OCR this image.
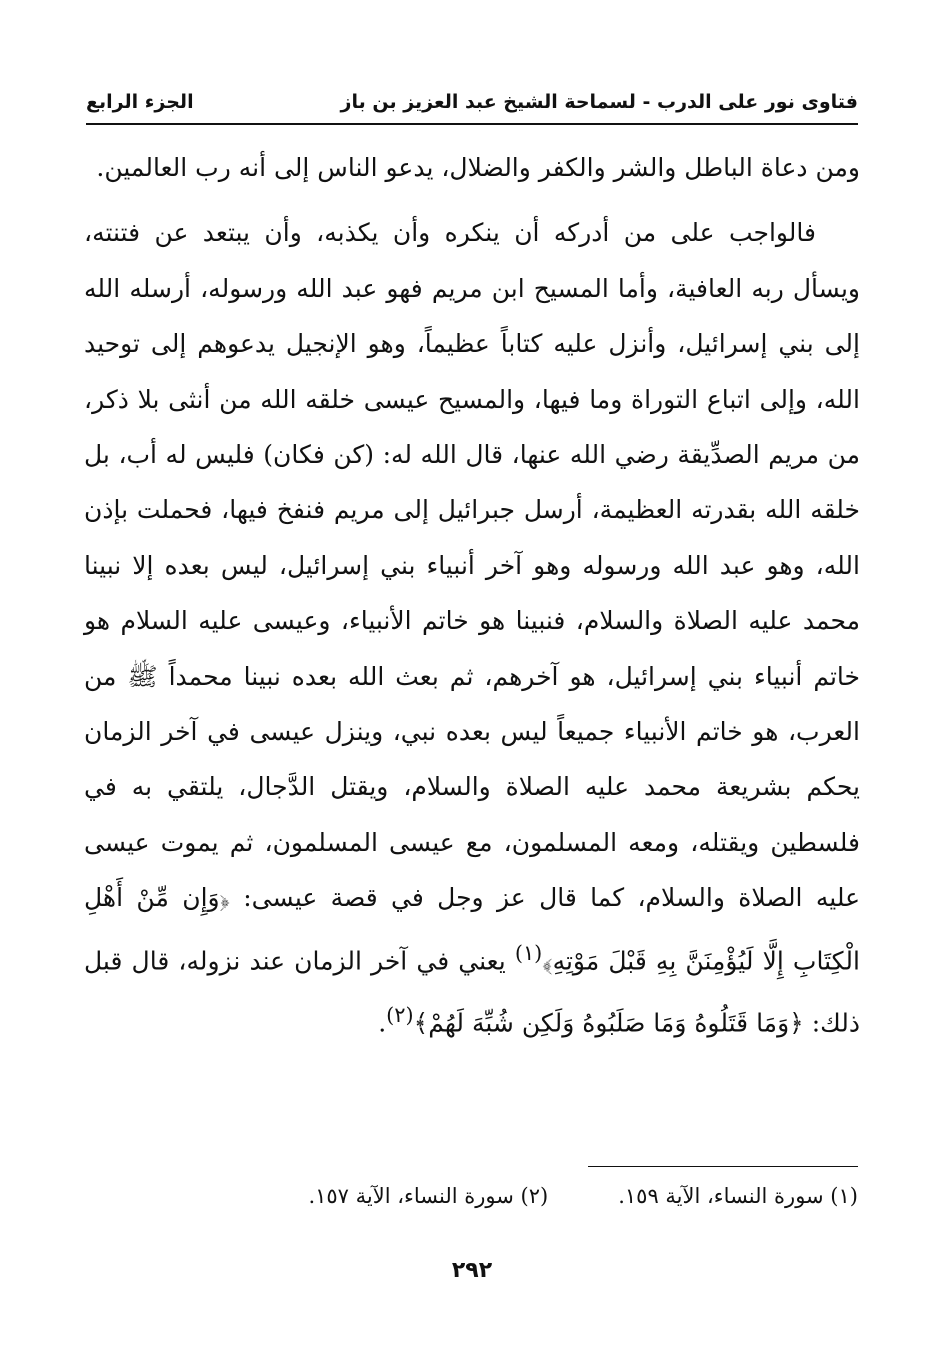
فتاوى نور على الدرب - لسماحة الشيخ عبد العزيز بن باز
الجزء الرابع

ومن دعاة الباطل والشر والكفر والضلال، يدعو الناس إلى أنه رب العالمين.

فالواجب على من أدركه أن ينكره وأن يكذبه، وأن يبتعد عن فتنته، ويسأل ربه العافية، وأما المسيح ابن مريم فهو عبد الله ورسوله، أرسله الله إلى بني إسرائيل، وأنزل عليه كتاباً عظيماً، وهو الإنجيل يدعوهم إلى توحيد الله، وإلى اتباع التوراة وما فيها، والمسيح عيسى خلقه الله من أنثى بلا ذكر، من مريم الصدِّيقة رضي الله عنها، قال الله له: (كن فكان) فليس له أب، بل خلقه الله بقدرته العظيمة، أرسل جبرائيل إلى مريم فنفخ فيها، فحملت بإذن الله، وهو عبد الله ورسوله وهو آخر أنبياء بني إسرائيل، ليس بعده إلا نبينا محمد عليه الصلاة والسلام، فنبينا هو خاتم الأنبياء، وعيسى عليه السلام هو خاتم أنبياء بني إسرائيل، هو آخرهم، ثم بعث الله بعده نبينا محمداً ﷺ من العرب، هو خاتم الأنبياء جميعاً ليس بعده نبي، وينزل عيسى في آخر الزمان يحكم بشريعة محمد عليه الصلاة والسلام، ويقتل الدَّجال، يلتقي به في فلسطين ويقتله، ومعه المسلمون، مع عيسى المسلمون، ثم يموت عيسى عليه الصلاة والسلام، كما قال عز وجل في قصة عيسى: ﴿وَإِن مِّنْ أَهْلِ الْكِتَابِ إِلَّا لَيُؤْمِنَنَّ بِهِ قَبْلَ مَوْتِهِ﴾$^{(١)}$ يعني في آخر الزمان عند نزوله، قال قبل ذلك: ﴿وَمَا قَتَلُوهُ وَمَا صَلَبُوهُ وَلَكِن شُبِّهَ لَهُمْ﴾$^{(٢)}$.

(١) سورة النساء، الآية ١٥٩.
(٢) سورة النساء، الآية ١٥٧.
٢٩٢
